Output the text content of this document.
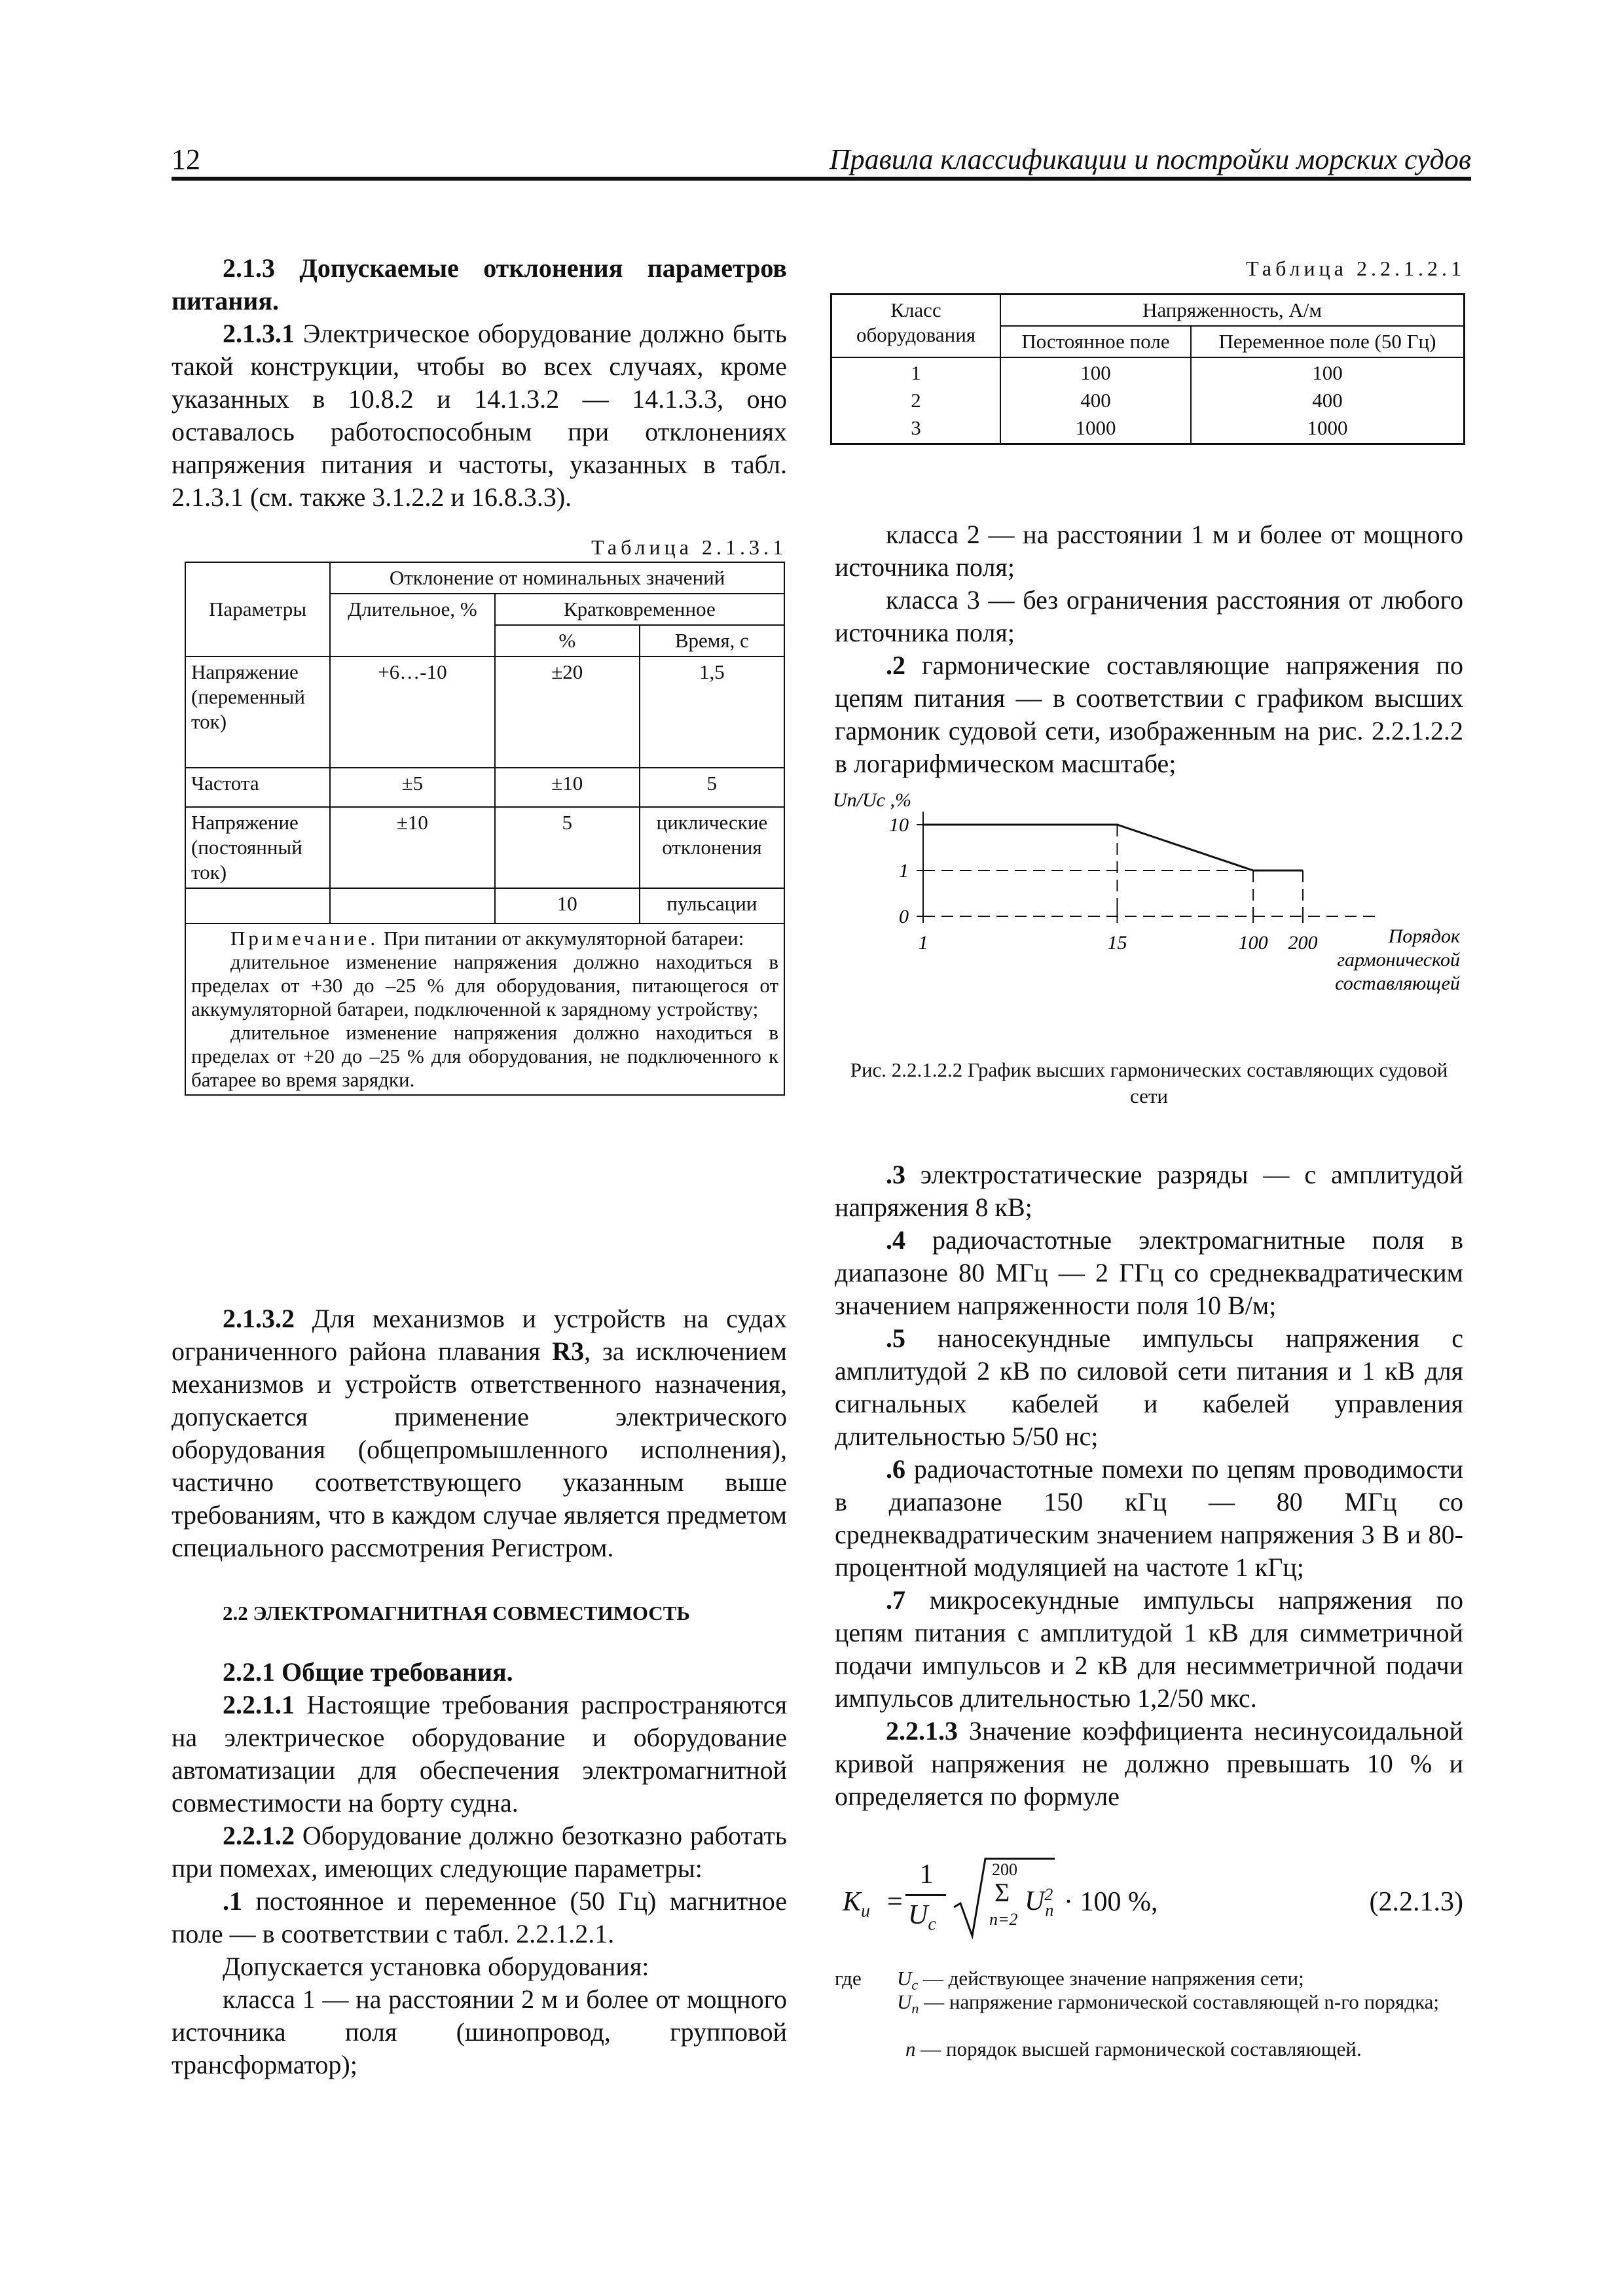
12	Правила классификации и постройки морских судов

2.1.3 Допускаемые отклонения параметров питания.

2.1.3.1 Электрическое оборудование должно быть такой конструкции, чтобы во всех случаях, кроме указанных в 10.8.2 и 14.1.3.2 — 14.1.3.3, оно оставалось работоспособным при отклонениях напряжения питания и частоты, указанных в табл. 2.1.3.1 (см. также 3.1.2.2 и 16.8.3.3).

Таблица 2.1.3.1
Параметры	Отклонение от номинальных значений		
	Длительное, %	Кратковременное	
		%	Время, с
Напряжение (переменный ток)	+6…-10	±20	1,5
Частота	±5	±10	5
Напряжение (постоянный ток)	±10	5	циклические отклонения
		10	пульсации

Примечание. При питании от аккумуляторной батареи:
длительное изменение напряжения должно находиться в пределах от +30 до –25 % для оборудования, питающегося от аккумуляторной батареи, подключенной к зарядному устройству;
длительное изменение напряжения должно находиться в пределах от +20 до –25 % для оборудования, не подключенного к батарее во время зарядки.			

2.1.3.2 Для механизмов и устройств на судах ограниченного района плавания R3, за исключением механизмов и устройств ответственного назначения, допускается применение электрического оборудования (общепромышленного исполнения), частично соответствующего указанным выше требованиям, что в каждом случае является предметом специального рассмотрения Регистром.

2.2 ЭЛЕКТРОМАГНИТНАЯ СОВМЕСТИМОСТЬ

2.2.1 Общие требования.

2.2.1.1 Настоящие требования распространяются на электрическое оборудование и оборудование автоматизации для обеспечения электромагнитной совместимости на борту судна.

2.2.1.2 Оборудование должно безотказно работать при помехах, имеющих следующие параметры:

.1 постоянное и переменное (50 Гц) магнитное поле — в соответствии с табл. 2.2.1.2.1.

Допускается установка оборудования:

класса 1 — на расстоянии 2 м и более от мощного источника поля (шинопровод, групповой трансформатор);

Таблица 2.2.1.2.1
Класс оборудования	Напряженность, А/м	
	Постоянное поле	Переменное поле (50 Гц)
1	100	100
2	400	400
3	1000	1000

класса 2 — на расстоянии 1 м и более от мощного источника поля;

класса 3 — без ограничения расстояния от любого источника поля;

.2 гармонические составляющие напряжения по цепям питания — в соответствии с графиком высших гармоник судовой сети, изображенным на рис. 2.2.1.2.2 в логарифмическом масштабе;

Un/Uc ,%
10
1
0
1	15	100 200	Порядок
гармонической
составляющей
Рис. 2.2.1.2.2 График высших гармонических составляющих судовой сети

.3 электростатические разряды — с амплитудой напряжения 8 кВ;

.4 радиочастотные электромагнитные поля в диапазоне 80 МГц — 2 ГГц со среднеквадратичеcким значением напряженности поля 10 В/м;

.5 наносекундные импульсы напряжения с амплитудой 2 кВ по силовой сети питания и 1 кВ для сигнальных кабелей и кабелей управления длительностью 5/50 нс;

.6 радиочастотные помехи по цепям проводимости в диапазоне 150 кГц — 80 МГц со среднеквадратическим значением напряжения 3 В и 80-процентной модуляцией на частоте 1 кГц;

.7 микросекундные импульсы напряжения по цепям питания с амплитудой 1 кВ для симметричной подачи импульсов и 2 кВ для несимметричной подачи импульсов длительностью 1,2/50 мкс.

2.2.1.3 Значение коэффициента несинусоидальной кривой напряжения не должно превышать 10 % и определяется по формуле

$K_u$ =
1
$U_c$
200
Σ
n=2
$U^2_n \cdot 100$ %,	(2.2.1.3)
где $U_c$ — действующее значение напряжения сети;
$U_n$ — напряжение гармоничеcкой составляющей n-го порядка;
n — порядок высшей гармонической составляющей.
